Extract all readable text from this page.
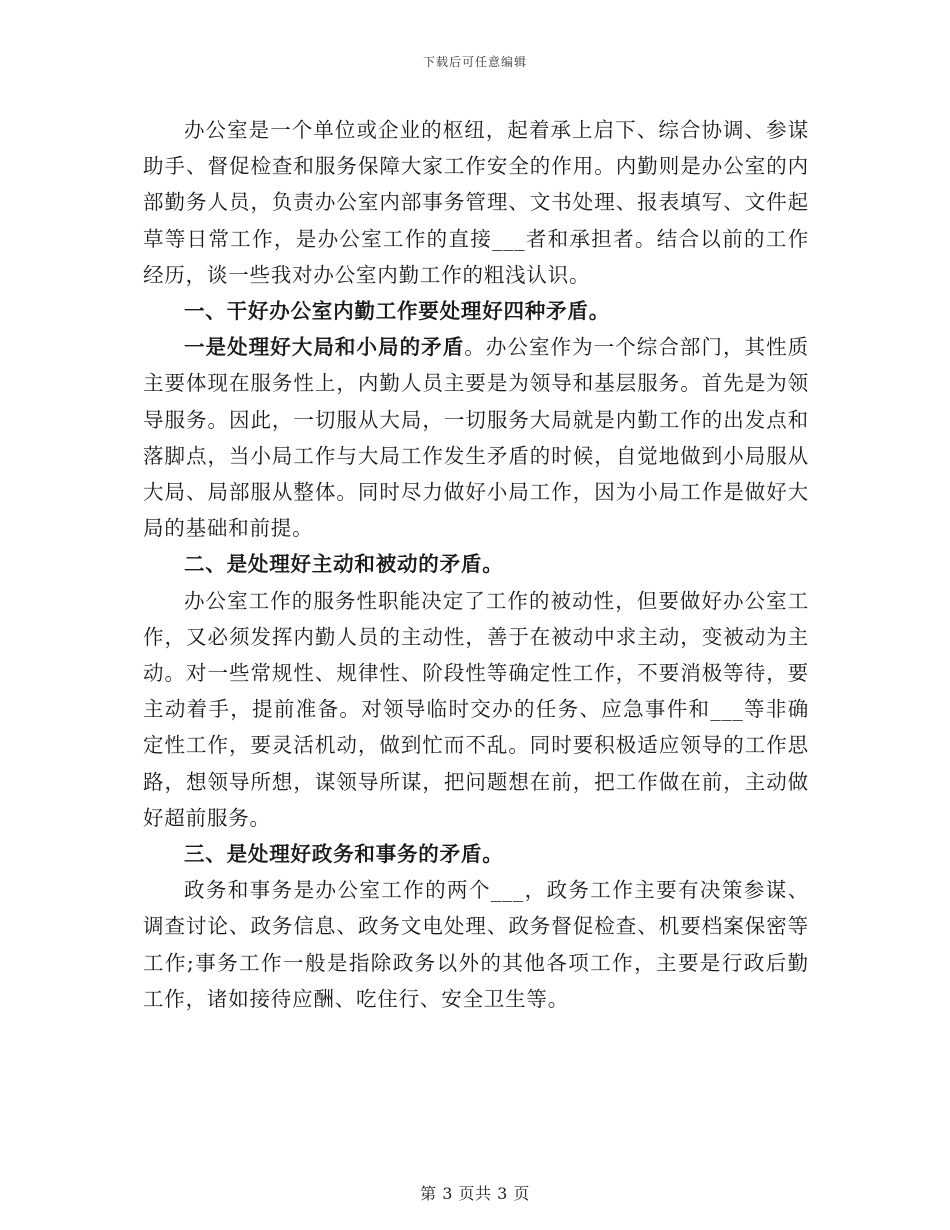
下载后可任意编辑

办公室是一个单位或企业的枢纽，起着承上启下、综合协调、参谋助手、督促检查和服务保障大家工作安全的作用。内勤则是办公室的内部勤务人员，负责办公室内部事务管理、文书处理、报表填写、文件起草等日常工作，是办公室工作的直接___者和承担者。结合以前的工作经历，谈一些我对办公室内勤工作的粗浅认识。

一、干好办公室内勤工作要处理好四种矛盾。

一是处理好大局和小局的矛盾。办公室作为一个综合部门，其性质主要体现在服务性上，内勤人员主要是为领导和基层服务。首先是为领导服务。因此，一切服从大局，一切服务大局就是内勤工作的出发点和落脚点，当小局工作与大局工作发生矛盾的时候，自觉地做到小局服从大局、局部服从整体。同时尽力做好小局工作，因为小局工作是做好大局的基础和前提。

二、是处理好主动和被动的矛盾。

办公室工作的服务性职能决定了工作的被动性，但要做好办公室工作，又必须发挥内勤人员的主动性，善于在被动中求主动，变被动为主动。对一些常规性、规律性、阶段性等确定性工作，不要消极等待，要主动着手，提前准备。对领导临时交办的任务、应急事件和___等非确定性工作，要灵活机动，做到忙而不乱。同时要积极适应领导的工作思路，想领导所想，谋领导所谋，把问题想在前，把工作做在前，主动做好超前服务。

三、是处理好政务和事务的矛盾。

政务和事务是办公室工作的两个___，政务工作主要有决策参谋、调查讨论、政务信息、政务文电处理、政务督促检查、机要档案保密等工作;事务工作一般是指除政务以外的其他各项工作，主要是行政后勤工作，诸如接待应酬、吃住行、安全卫生等。

第 3 页共 3 页
